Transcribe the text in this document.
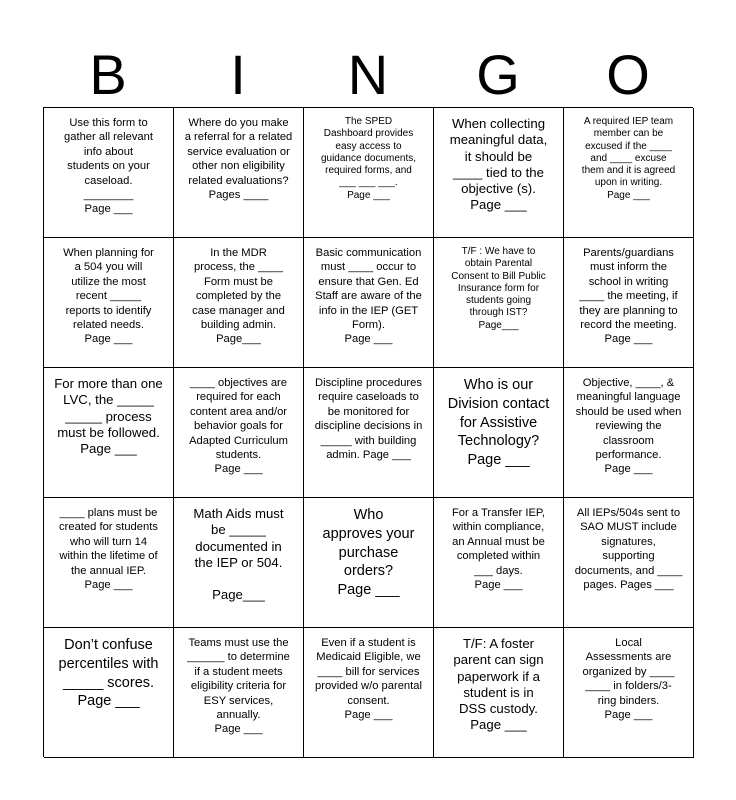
B	I	N	G	O
Use this form to
gather all relevant
info about
students on your
caseload.
________
Page ___
Where do you make
a referral for a related
service evaluation or
other non eligibility
related evaluations?
Pages ____
The SPED
Dashboard provides
easy access to
guidance documents,
required forms, and
___ ___ ___.
Page ___
When collecting
meaningful data,
it should be
____ tied to the
objective (s).
Page ___
A required IEP team
member can be
excused if the ____
and ____ excuse
them and it is agreed
upon in writing.
Page ___
When planning for
a 504 you will
utilize the most
recent _____
reports to identify
related needs.
Page ___
In the MDR
process, the ____
Form must be
completed by the
case manager and
building admin.
Page___
Basic communication
must ____ occur to
ensure that Gen. Ed
Staff are aware of the
info in the IEP (GET
Form).
Page ___
T/F : We have to
obtain Parental
Consent to Bill Public
Insurance form for
students going
through IST?
Page___
Parents/guardians
must inform the
school in writing
____ the meeting, if
they are planning to
record the meeting.
Page ___
For more than one
LVC, the _____
_____ process
must be followed.
Page ___
____ objectives are
required for each
content area and/or
behavior goals for
Adapted Curriculum
students.
Page ___
Discipline procedures
require caseloads to
be monitored for
discipline decisions in
_____ with building
admin. Page ___
Who is our
Division contact
for Assistive
Technology?
Page ___
Objective, ____, &
meaningful language
should be used when
reviewing the
classroom
performance.
Page ___
____ plans must be
created for students
who will turn 14
within the lifetime of
the annual IEP.
Page ___
Math Aids must
be _____
documented in
the IEP or 504.

Page___
Who
approves your
purchase
orders?
Page ___
For a Transfer IEP,
within compliance,
an Annual must be
completed within
___ days.
Page ___
All IEPs/504s sent to
SAO MUST include
signatures,
supporting
documents, and ____
pages. Pages ___
Don’t confuse
percentiles with
_____ scores.
Page ___
Teams must use the
______ to determine
if a student meets
eligibility criteria for
ESY services,
annually.
Page ___
Even if a student is
Medicaid Eligible, we
____ bill for services
provided w/o parental
consent.
Page ___
T/F: A foster
parent can sign
paperwork if a
student is in
DSS custody.
Page ___
Local
Assessments are
organized by ____
____ in folders/3-
ring binders.
Page ___
